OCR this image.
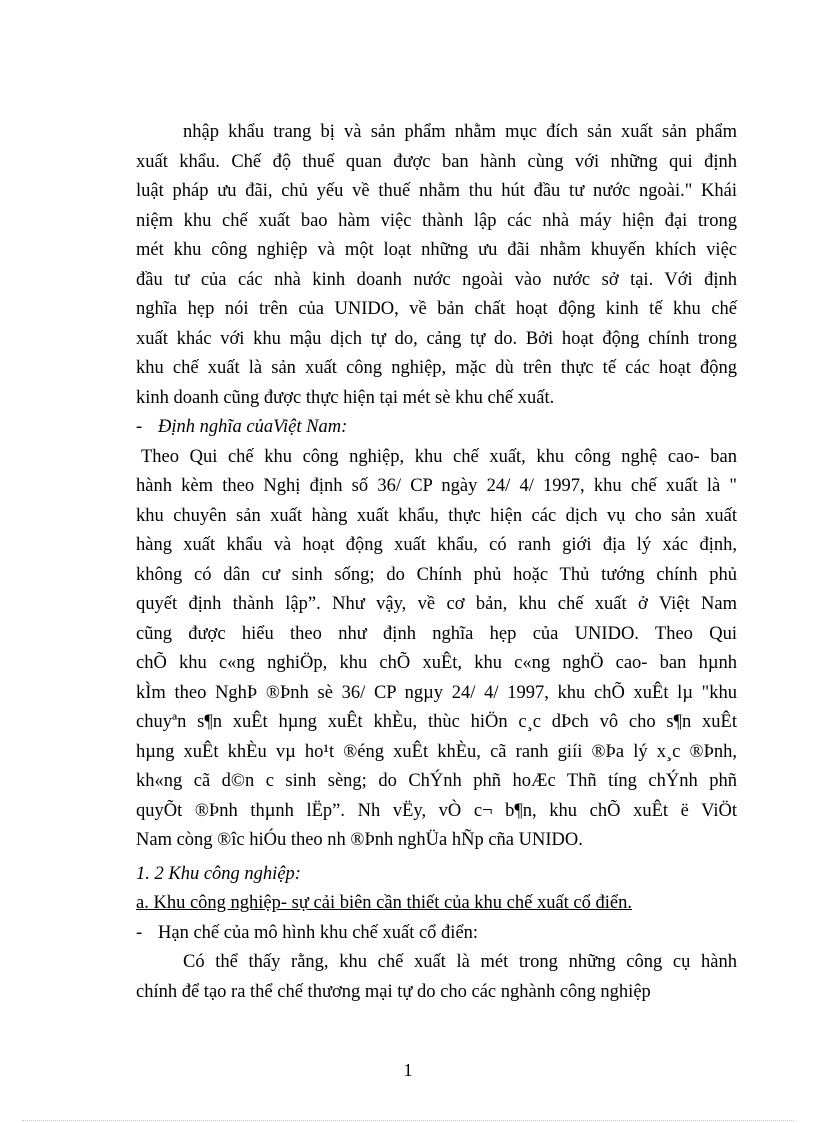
nhập khẩu trang bị và sản phẩm nhằm mục đích sản xuất sản phẩm
xuất khẩu. Chế độ thuế quan được ban hành cùng với những qui định
luật pháp ưu đãi, chủ yếu về thuế nhằm thu hút đầu tư nước ngoài." Khái
niệm khu chế xuất bao hàm việc thành lập các nhà máy hiện đại trong
mét khu công nghiệp và một loạt những ưu đãi nhằm khuyến khích việc
đầu tư của các nhà kinh doanh nước ngoài vào nước sở tại. Với định
nghĩa hẹp nói trên của UNIDO, về bản chất hoạt động kinh tế khu chế
xuất khác với khu mậu dịch tự do, cảng tự do. Bởi hoạt động chính trong
khu chế xuất là sản xuất công nghiệp, mặc dù trên thực tế các hoạt động
kinh doanh cũng được thực hiện tại mét sè khu chế xuất.
- Định nghĩa củaViệt Nam:
Theo Qui chế khu công nghiệp, khu chế xuất, khu công nghệ cao- ban
hành kèm theo Nghị định số 36/ CP ngày 24/ 4/ 1997, khu chế xuất là "
khu chuyên sản xuất hàng xuất khẩu, thực hiện các dịch vụ cho sản xuất
hàng xuất khẩu và hoạt động xuất khẩu, có ranh giới địa lý xác định,
không có dân cư sinh sống; do Chính phủ hoặc Thủ tướng chính phủ
quyết định thành lập”. Như vậy, về cơ bản, khu chế xuất ở Việt Nam
cũng được hiểu theo như định nghĩa hẹp của UNIDO. Theo Qui
chÕ khu c«ng nghiÖp, khu chÕ xuÊt, khu c«ng nghÖ cao- ban hµnh
kÌm theo NghÞ ®Þnh sè 36/ CP ngµy 24/ 4/ 1997, khu chÕ xuÊt lµ "khu
chuyªn s¶n xuÊt hµng xuÊt khÈu, thùc hiÖn c¸c dÞch vô cho s¶n xuÊt
hµng xuÊt khÈu vµ ho¹t ®éng xuÊt khÈu, cã ranh giíi ®Þa lý x¸c ®Þnh,
kh«ng cã d©n c sinh sèng; do ChÝnh phñ hoÆc Thñ tíng chÝnh phñ
quyÕt ®Þnh thµnh lËp”. Nh vËy, vÒ c¬ b¶n, khu chÕ xuÊt ë ViÖt
Nam còng ®îc hiÓu theo nh ®Þnh nghÜa hÑp cña UNIDO.
1. 2 Khu công nghiệp:
a. Khu công nghiệp- sự cải biên cần thiết của khu chế xuất cổ điển.
- Hạn chế của mô hình khu chế xuất cổ điển:
Có thể thấy rằng, khu chế xuất là mét trong những công cụ hành
chính để tạo ra thể chế thương mại tự do cho các nghành công nghiệp
1
